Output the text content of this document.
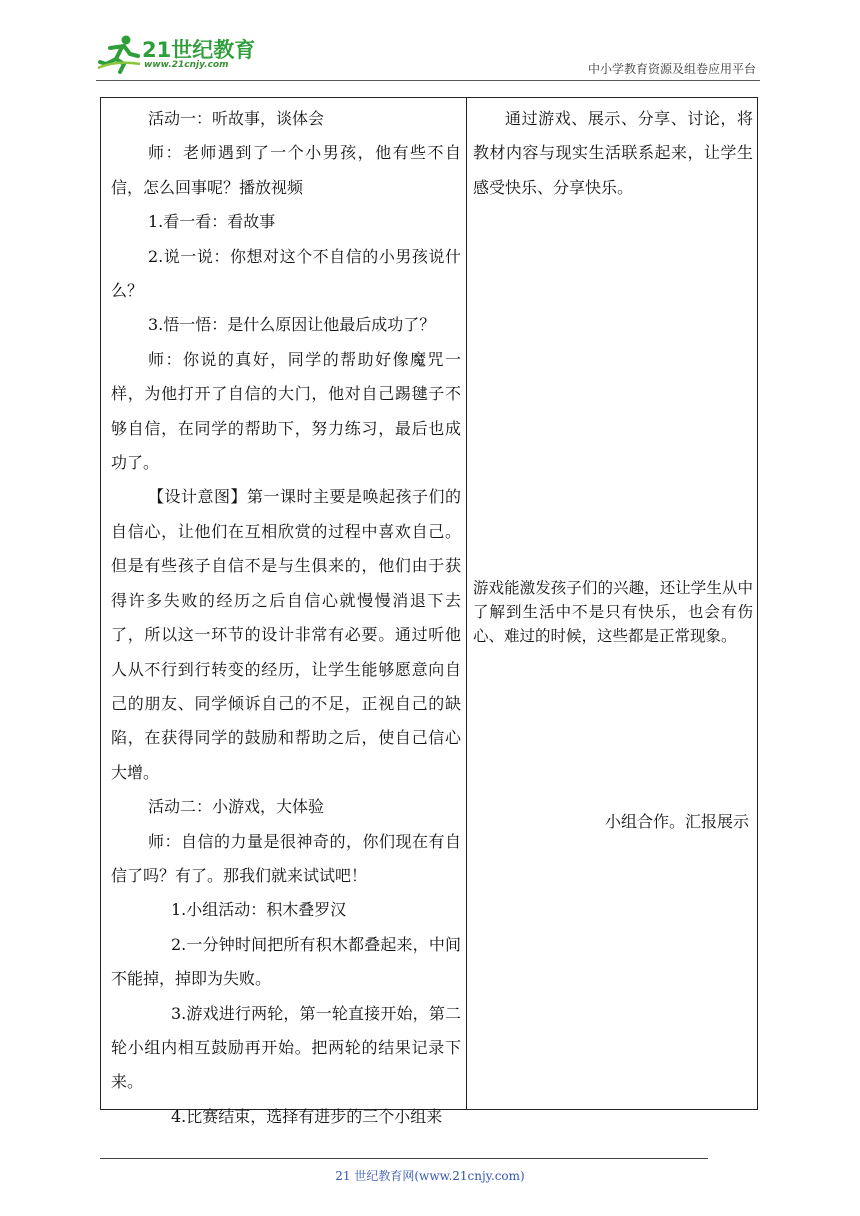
21世纪教育
www.21cnjy.com	中小学教育资源及组卷应用平台

活动一：听故事，谈体会

师：老师遇到了一个小男孩，他有些不自信，怎么回事呢？播放视频

1.看一看：看故事

2.说一说：你想对这个不自信的小男孩说什么？

3.悟一悟：是什么原因让他最后成功了？

师：你说的真好，同学的帮助好像魔咒一样，为他打开了自信的大门，他对自己踢毽子不够自信，在同学的帮助下，努力练习，最后也成功了。

【设计意图】第一课时主要是唤起孩子们的自信心，让他们在互相欣赏的过程中喜欢自己。但是有些孩子自信不是与生俱来的，他们由于获得许多失败的经历之后自信心就慢慢消退下去了，所以这一环节的设计非常有必要。通过听他人从不行到行转变的经历，让学生能够愿意向自己的朋友、同学倾诉自己的不足，正视自己的缺陷，在获得同学的鼓励和帮助之后，使自己信心大增。

活动二：小游戏，大体验

师：自信的力量是很神奇的，你们现在有自信了吗？有了。那我们就来试试吧！

1.小组活动：积木叠罗汉

2.一分钟时间把所有积木都叠起来，中间不能掉，掉即为失败。

3.游戏进行两轮，第一轮直接开始，第二轮小组内相互鼓励再开始。把两轮的结果记录下来。

4.比赛结束，选择有进步的三个小组来

通过游戏、展示、分享、讨论，将教材内容与现实生活联系起来，让学生感受快乐、分享快乐。

游戏能激发孩子们的兴趣，还让学生从中了解到生活中不是只有快乐，也会有伤心、难过的时候，这些都是正常现象。

小组合作。汇报展示

21 世纪教育网(www.21cnjy.com)
